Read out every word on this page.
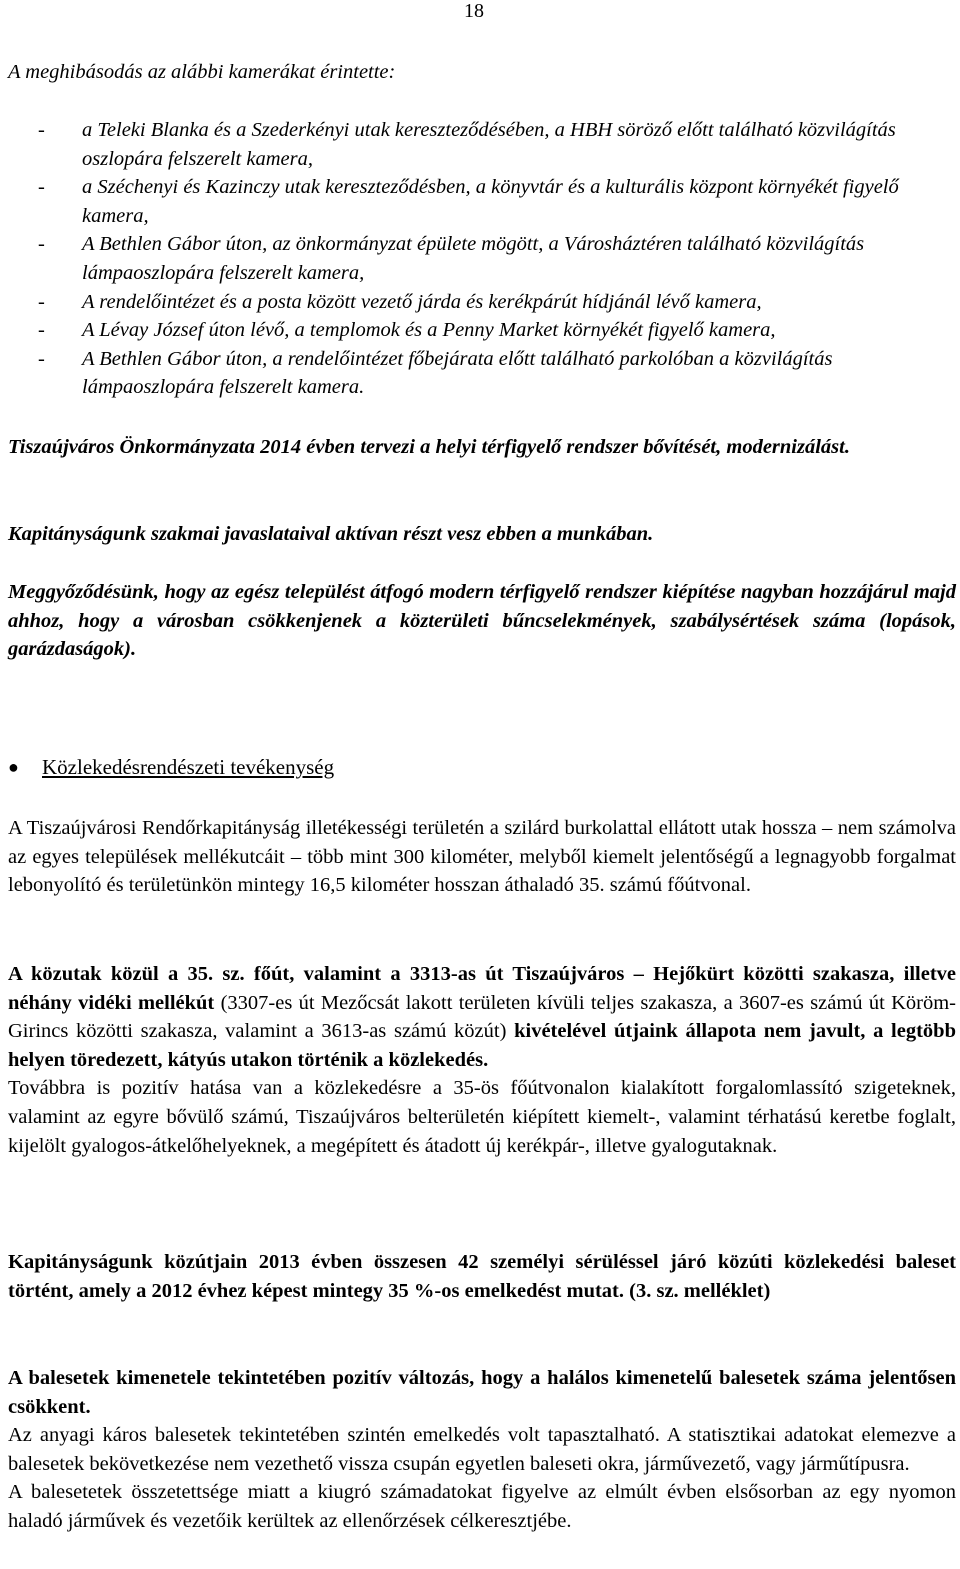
18
A meghibásodás az alábbi kamerákat érintette:
- a Teleki Blanka és a Szederkényi utak kereszteződésében, a HBH söröző előtt található közvilágítás oszlopára felszerelt kamera,
- a Széchenyi és Kazinczy utak kereszteződésben, a könyvtár és a kulturális központ környékét figyelő kamera,
- A Bethlen Gábor úton, az önkormányzat épülete mögött, a Városháztéren található közvilágítás lámpaoszlopára felszerelt kamera,
- A rendelőintézet és a posta között vezető járda és kerékpárút hídjánál lévő kamera,
- A Lévay József úton lévő, a templomok és a Penny Market környékét figyelő kamera,
- A Bethlen Gábor úton, a rendelőintézet főbejárata előtt található parkolóban a közvilágítás lámpaoszlopára felszerelt kamera.
Tiszaújváros Önkormányzata 2014 évben tervezi a helyi térfigyelő rendszer bővítését, modernizálást.
Kapitányságunk szakmai javaslataival aktívan részt vesz ebben a munkában.
Meggyőződésünk, hogy az egész települést átfogó modern térfigyelő rendszer kiépítése nagyban hozzájárul majd ahhoz, hogy a városban csökkenjenek a közterületi bűncselekmények, szabálysértések száma (lopások, garázdaságok).
● Közlekedésrendészeti tevékenység
A Tiszaújvárosi Rendőrkapitányság illetékességi területén a szilárd burkolattal ellátott utak hossza – nem számolva az egyes települések mellékutcáit – több mint 300 kilométer, melyből kiemelt jelentőségű a legnagyobb forgalmat lebonyolító és területünkön mintegy 16,5 kilométer hosszan áthaladó 35. számú főútvonal.
A közutak közül a 35. sz. főút, valamint a 3313-as út Tiszaújváros – Hejőkürt közötti szakasza, illetve néhány vidéki mellékút (3307-es út Mezőcsát lakott területen kívüli teljes szakasza, a 3607-es számú út Köröm-Girincs közötti szakasza, valamint a 3613-as számú közút) kivételével útjaink állapota nem javult, a legtöbb helyen töredezett, kátyús utakon történik a közlekedés.
Továbbra is pozitív hatása van a közlekedésre a 35-ös főútvonalon kialakított forgalomlassító szigeteknek, valamint az egyre bővülő számú, Tiszaújváros belterületén kiépített kiemelt-, valamint térhatású keretbe foglalt, kijelölt gyalogos-átkelőhelyeknek, a megépített és átadott új kerékpár-, illetve gyalogutaknak.
Kapitányságunk közútjain 2013 évben összesen 42 személyi sérüléssel járó közúti közlekedési baleset történt, amely a 2012 évhez képest mintegy 35 %-os emelkedést mutat. (3. sz. melléklet)
A balesetek kimenetele tekintetében pozitív változás, hogy a halálos kimenetelű balesetek száma jelentősen csökkent.
Az anyagi káros balesetek tekintetében szintén emelkedés volt tapasztalható. A statisztikai adatokat elemezve a balesetek bekövetkezése nem vezethető vissza csupán egyetlen baleseti okra, járművezető, vagy járműtípusra.
A balesetetek összetettsége miatt a kiugró számadatokat figyelve az elmúlt évben elsősorban az egy nyomon haladó járművek és vezetőik kerültek az ellenőrzések célkeresztjébe.
